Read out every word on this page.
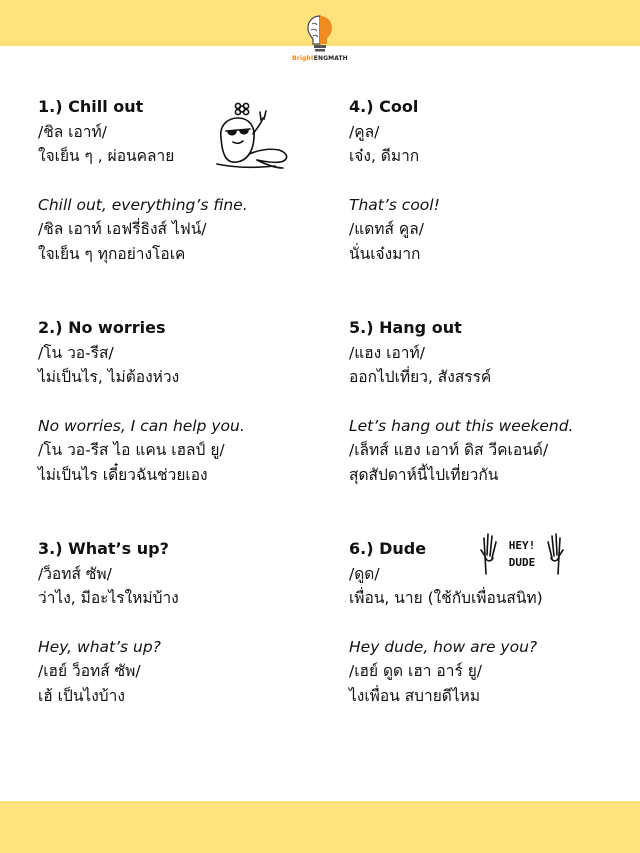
BrightENGMATH
1.) Chill out
/ชิล เอาท์/
ใจเย็น ๆ , ผ่อนคลาย
Chill out, everything’s fine.
/ชิล เอาท์ เอฟรี่ธิงส์ ไฟน์/
ใจเย็น ๆ ทุกอย่างโอเค
2.) No worries
/โน วอ-รีส/
ไม่เป็นไร, ไม่ต้องห่วง
No worries, I can help you.
/โน วอ-รีส ไอ แคน เฮลป์ ยู/
ไม่เป็นไร เดี๋ยวฉันช่วยเอง
3.) What’s up?
/ว็อทส์ ซัพ/
ว่าไง, มีอะไรใหม่บ้าง
Hey, what’s up?
/เฮย์ ว็อทส์ ซัพ/
เฮ้ เป็นไงบ้าง
4.) Cool
/คูล/
เจ๋ง, ดีมาก
That’s cool!
/แดทส์ คูล/
นั่นเจ๋งมาก
5.) Hang out
/แฮง เอาท์/
ออกไปเที่ยว, สังสรรค์
Let’s hang out this weekend.
/เล็ทส์ แฮง เอาท์ ดิส วีคเอนด์/
สุดสัปดาห์นี้ไปเที่ยวกัน
6.) Dude
/ดูด/
เพื่อน, นาย (ใช้กับเพื่อนสนิท)
Hey dude, how are you?
/เฮย์ ดูด เฮา อาร์ ยู/
ไงเพื่อน สบายดีไหม
HEY!
DUDE
